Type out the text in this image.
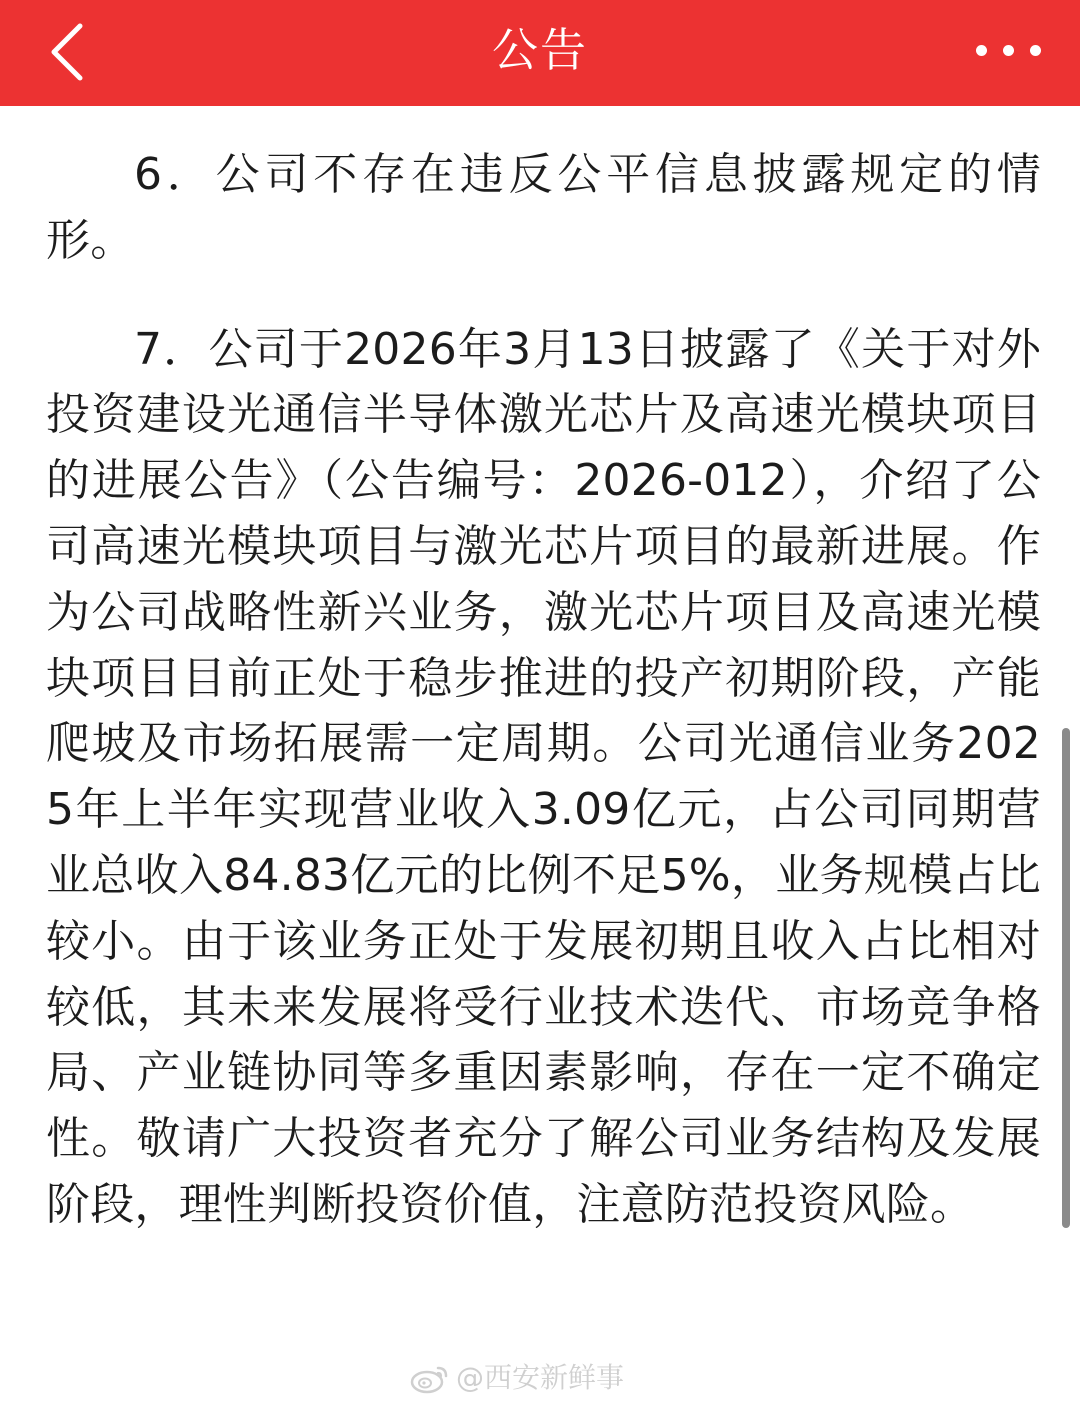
公告

6．公司不存在违反公平信息披露规定的情形。

7．公司于2026年3月13日披露了《关于对外投资建设光通信半导体激光芯片及高速光模块项目的进展公告》（公告编号：2026-012），介绍了公司高速光模块项目与激光芯片项目的最新进展。作为公司战略性新兴业务，激光芯片项目及高速光模块项目目前正处于稳步推进的投产初期阶段，产能爬坡及市场拓展需一定周期。公司光通信业务2025年上半年实现营业收入3.09亿元，占公司同期营业总收入84.83亿元的比例不足5%，业务规模占比较小。由于该业务正处于发展初期且收入占比相对较低，其未来发展将受行业技术迭代、市场竞争格局、产业链协同等多重因素影响，存在一定不确定性。敬请广大投资者充分了解公司业务结构及发展阶段，理性判断投资价值，注意防范投资风险。

@西安新鲜事
